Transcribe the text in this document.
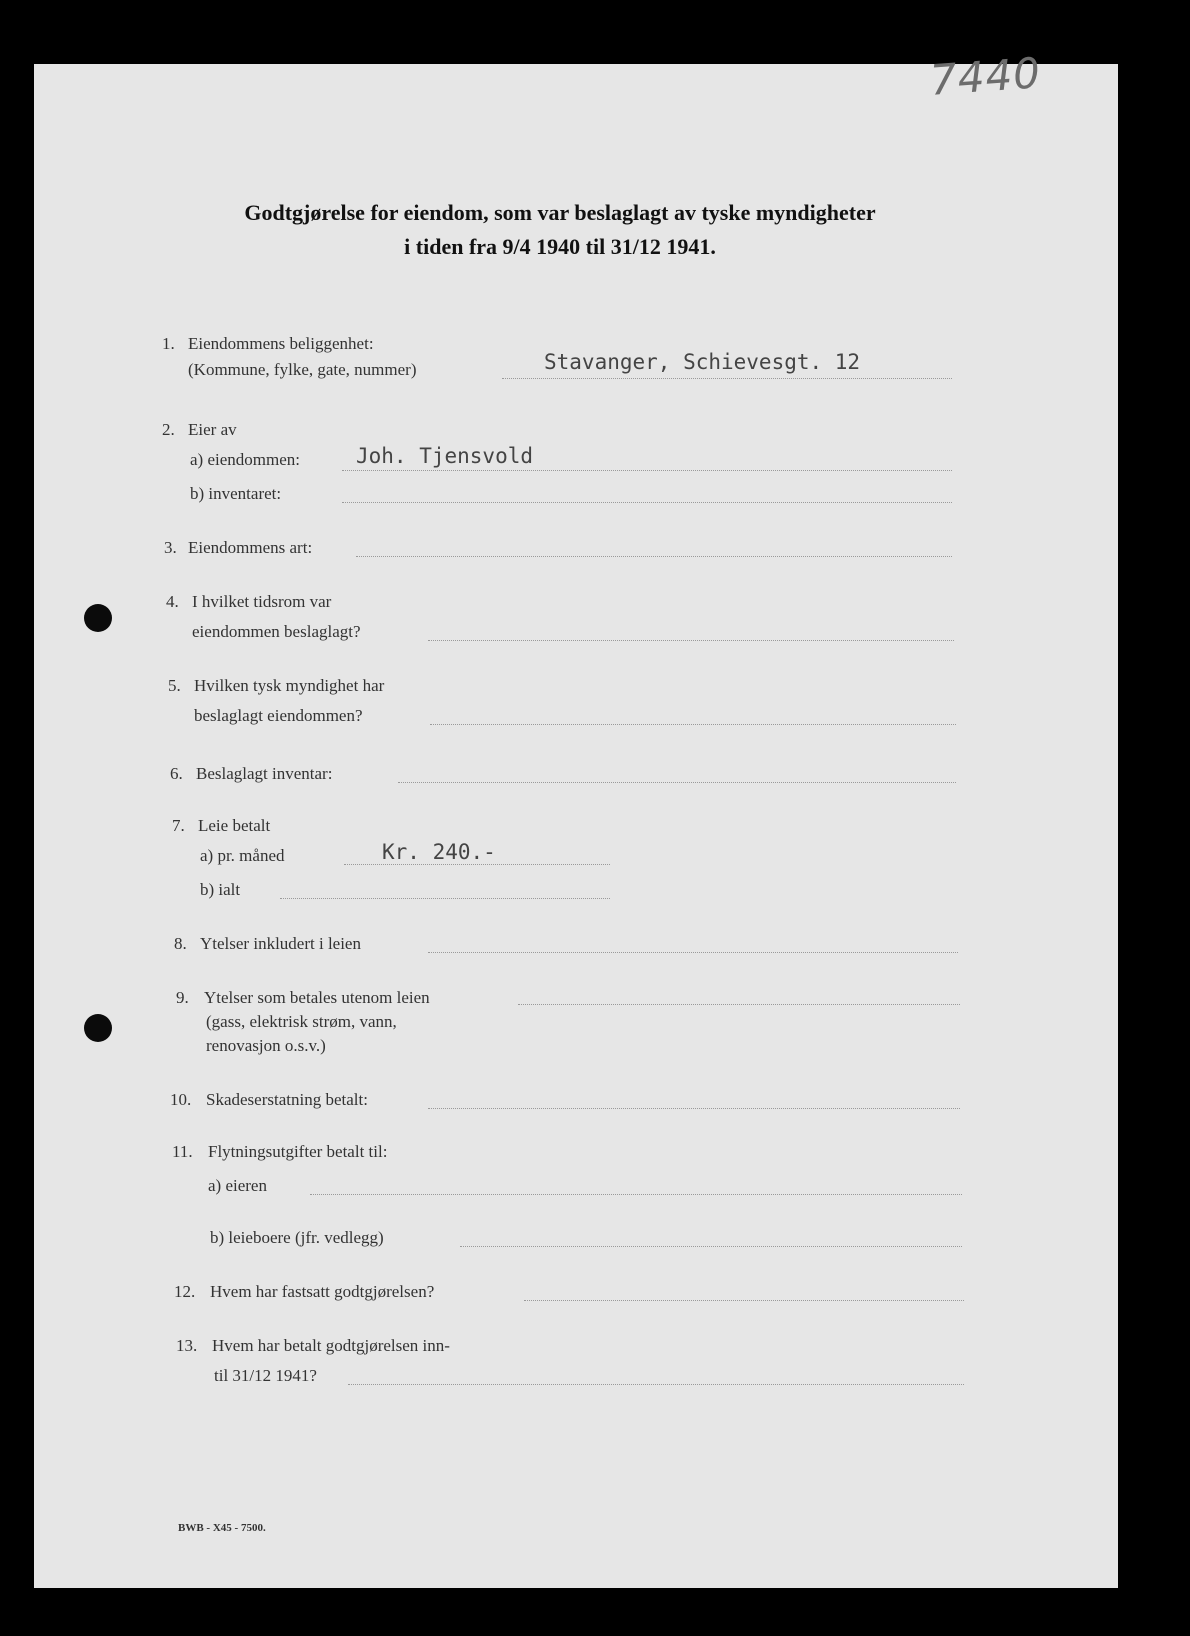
7440
Godtgjørelse for eiendom, som var beslaglagt av tyske myndigheter
i tiden fra 9/4 1940 til 31/12 1941.
1. Eiendommens beliggenhet:
(Kommune, fylke, gate, nummer)	Stavanger, Schievesgt. 12
2. Eier av
a) eiendommen:	Joh. Tjensvold
b) inventaret:
3. Eiendommens art:
4. I hvilket tidsrom var
eiendommen beslaglagt?
5. Hvilken tysk myndighet har
beslaglagt eiendommen?
6. Beslaglagt inventar:
7. Leie betalt
a) pr. måned	Kr. 240.-
b) ialt
8. Ytelser inkludert i leien
9. Ytelser som betales utenom leien
(gass, elektrisk strøm, vann,
renovasjon o.s.v.)
10. Skadeserstatning betalt:
11. Flytningsutgifter betalt til:
a) eieren
b) leieboere (jfr. vedlegg)
12. Hvem har fastsatt godtgjørelsen?
13. Hvem har betalt godtgjørelsen inn-
til 31/12 1941?
BWB - X45 - 7500.
